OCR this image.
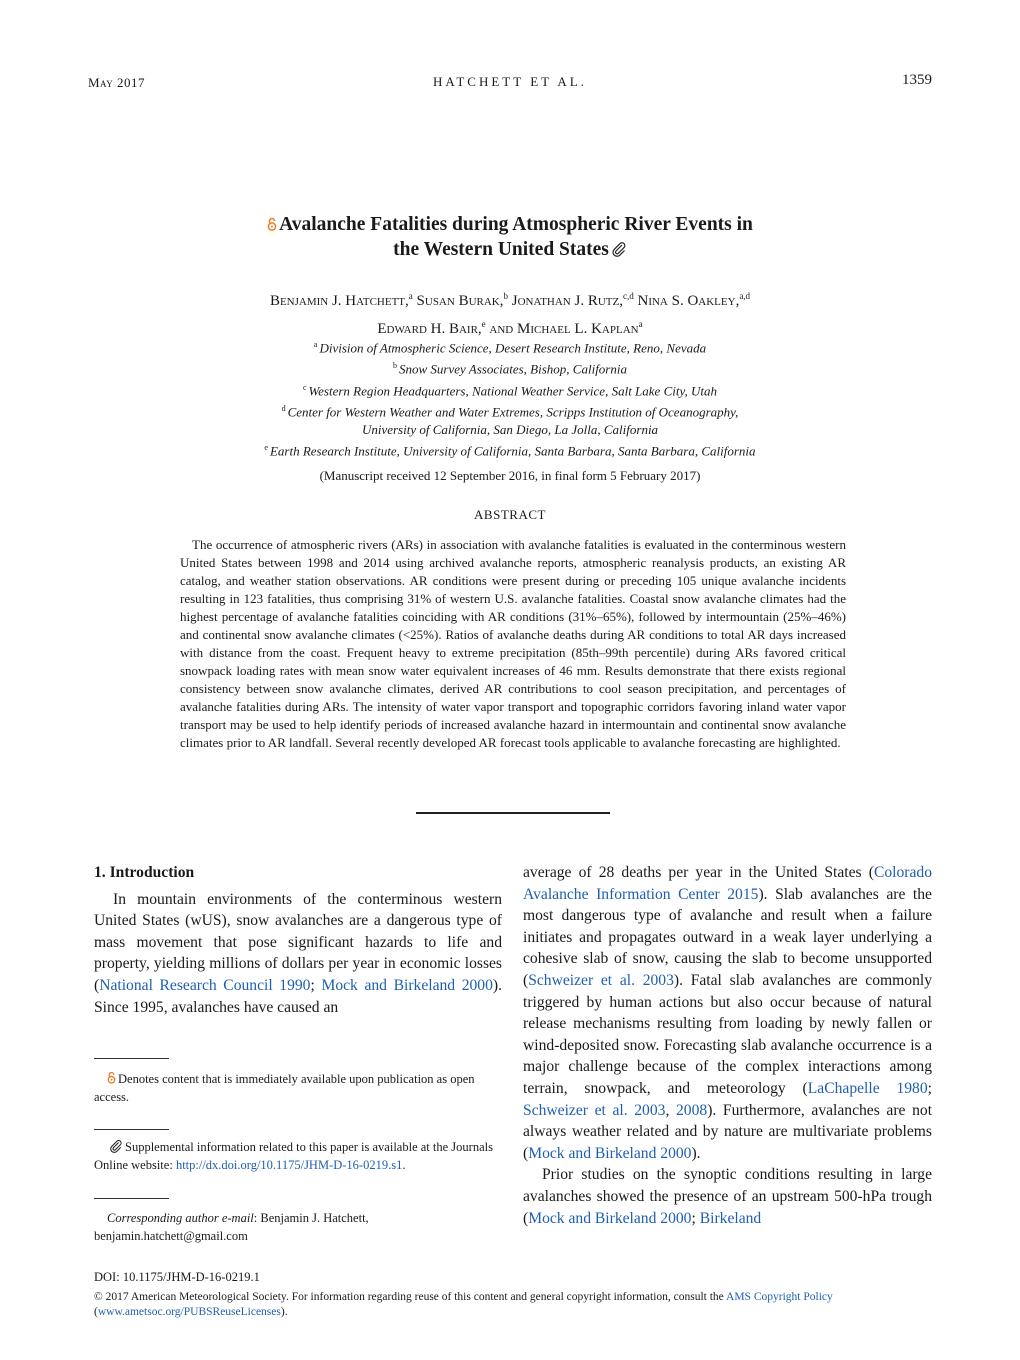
May 2017	HATCHETT ET AL.	1359
Avalanche Fatalities during Atmospheric River Events in
the Western United States
Benjamin J. Hatchett,$^a$ Susan Burak,$^b$ Jonathan J. Rutz,$^{c,d}$ Nina S. Oakley,$^{a,d}$
Edward H. Bair,$^e$ and Michael L. Kaplan$^a$
$^a$ Division of Atmospheric Science, Desert Research Institute, Reno, Nevada
$^b$ Snow Survey Associates, Bishop, California
$^c$ Western Region Headquarters, National Weather Service, Salt Lake City, Utah
$^d$ Center for Western Weather and Water Extremes, Scripps Institution of Oceanography,
University of California, San Diego, La Jolla, California
$^e$ Earth Research Institute, University of California, Santa Barbara, Santa Barbara, California
(Manuscript received 12 September 2016, in final form 5 February 2017)
ABSTRACT
The occurrence of atmospheric rivers (ARs) in association with avalanche fatalities is evaluated in the conterminous western United States between 1998 and 2014 using archived avalanche reports, atmospheric reanalysis products, an existing AR catalog, and weather station observations. AR conditions were present during or preceding 105 unique avalanche incidents resulting in 123 fatalities, thus comprising 31% of western U.S. avalanche fatalities. Coastal snow avalanche climates had the highest percentage of avalanche fatalities coinciding with AR conditions (31%–65%), followed by intermountain (25%–46%) and continental snow avalanche climates (<25%). Ratios of avalanche deaths during AR conditions to total AR days increased with distance from the coast. Frequent heavy to extreme precipitation (85th–99th percentile) during ARs favored critical snowpack loading rates with mean snow water equivalent increases of 46 mm. Results demonstrate that there exists regional consistency between snow avalanche climates, derived AR contributions to cool season precipitation, and percentages of avalanche fatalities during ARs. The intensity of water vapor transport and topographic corridors favoring inland water vapor transport may be used to help identify periods of increased avalanche hazard in intermountain and continental snow avalanche climates prior to AR landfall. Several recently developed AR forecast tools applicable to avalanche forecasting are highlighted.
1. Introduction

In mountain environments of the conterminous western United States (wUS), snow avalanches are a dangerous type of mass movement that pose significant hazards to life and property, yielding millions of dollars per year in economic losses (National Research Council 1990; Mock and Birkeland 2000). Since 1995, avalanches have caused an

Denotes content that is immediately available upon publication as open access.
Supplemental information related to this paper is available at the Journals Online website: http://dx.doi.org/10.1175/JHM-D-16-0219.s1.
Corresponding author e-mail: Benjamin J. Hatchett, benjamin.hatchett@gmail.com

average of 28 deaths per year in the United States (Colorado Avalanche Information Center 2015). Slab avalanches are the most dangerous type of avalanche and result when a failure initiates and propagates outward in a weak layer underlying a cohesive slab of snow, causing the slab to become unsupported (Schweizer et al. 2003). Fatal slab avalanches are commonly triggered by human actions but also occur because of natural release mechanisms resulting from loading by newly fallen or wind-deposited snow. Forecasting slab avalanche occurrence is a major challenge because of the complex interactions among terrain, snowpack, and meteorology (LaChapelle 1980; Schweizer et al. 2003, 2008). Furthermore, avalanches are not always weather related and by nature are multivariate problems (Mock and Birkeland 2000).

Prior studies on the synoptic conditions resulting in large avalanches showed the presence of an upstream 500-hPa trough (Mock and Birkeland 2000; Birkeland

DOI: 10.1175/JHM-D-16-0219.1
© 2017 American Meteorological Society. For information regarding reuse of this content and general copyright information, consult the AMS Copyright Policy (www.ametsoc.org/PUBSReuseLicenses).
